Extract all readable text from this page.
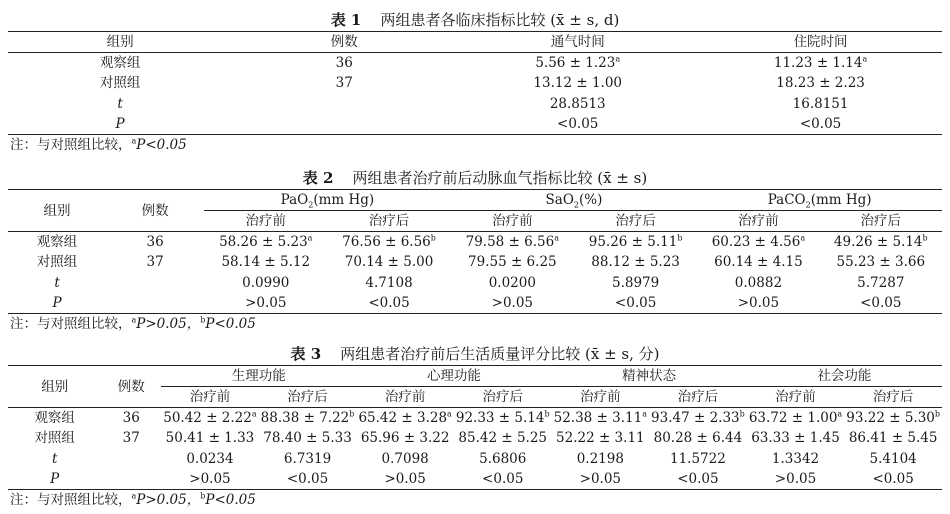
表 1 两组患者各临床指标比较 (x̄ ± s, d)
组别	例数	通气时间	住院时间
观察组	36	5.56 ± 1.23$^a$	11.23 ± 1.14$^a$
对照组	37	13.12 ± 1.00	18.23 ± 2.23
t		28.8513	16.8151
P		<0.05	<0.05
注：与对照组比较，$^a$P<0.05
表 2 两组患者治疗前后动脉血气指标比较 (x̄ ± s)
组别	例数	PaO$_2$(mm Hg)		SaO$_2$(%)		PaCO$_2$(mm Hg)	
		治疗前	治疗后	治疗前	治疗后	治疗前	治疗后
观察组	36	58.26 ± 5.23$^a$	76.56 ± 6.56$^b$	79.58 ± 6.56$^a$	95.26 ± 5.11$^b$	60.23 ± 4.56$^a$	49.26 ± 5.14$^b$
对照组	37	58.14 ± 5.12	70.14 ± 5.00	79.55 ± 6.25	88.12 ± 5.23	60.14 ± 4.15	55.23 ± 3.66
t		0.0990	4.7108	0.0200	5.8979	0.0882	5.7287
P		>0.05	<0.05	>0.05	<0.05	>0.05	<0.05
注：与对照组比较，$^a$P>0.05，$^b$P<0.05
表 3 两组患者治疗前后生活质量评分比较 (x̄ ± s, 分)
组别	例数	生理功能		心理功能		精神状态		社会功能	
		治疗前	治疗后	治疗前	治疗后	治疗前	治疗后	治疗前	治疗后
观察组	36	50.42 ± 2.22$^a$	88.38 ± 7.22$^b$	65.42 ± 3.28$^a$	92.33 ± 5.14$^b$	52.38 ± 3.11$^a$	93.47 ± 2.33$^b$	63.72 ± 1.00$^a$	93.22 ± 5.30$^b$
对照组	37	50.41 ± 1.33	78.40 ± 5.33	65.96 ± 3.22	85.42 ± 5.25	52.22 ± 3.11	80.28 ± 6.44	63.33 ± 1.45	86.41 ± 5.45
t		0.0234	6.7319	0.7098	5.6806	0.2198	11.5722	1.3342	5.4104
P		>0.05	<0.05	>0.05	<0.05	>0.05	<0.05	>0.05	<0.05
注：与对照组比较，$^a$P>0.05，$^b$P<0.05
